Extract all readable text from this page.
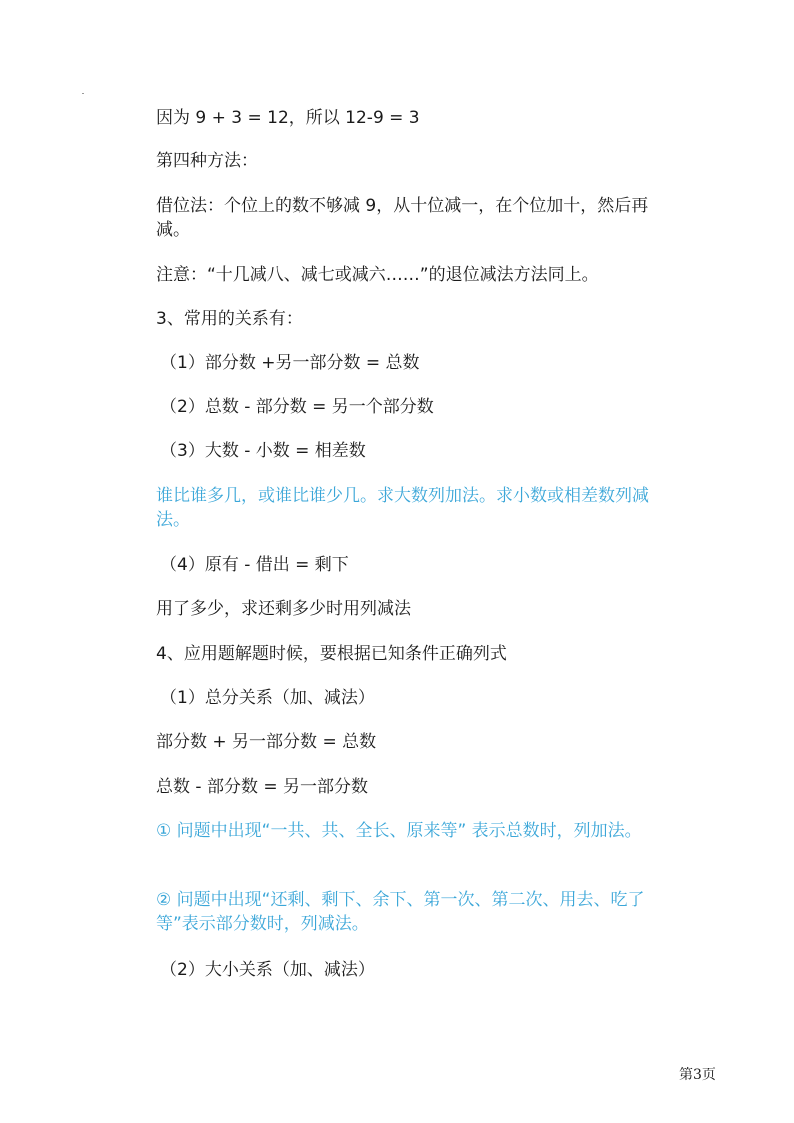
因为 9 + 3 = 12，所以 12-9 = 3
第四种方法：
借位法：个位上的数不够减 9，从十位减一，在个位加十，然后再减。
注意：“十几减八、减七或减六……”的退位减法方法同上。
3、常用的关系有：
（1）部分数 +另一部分数 = 总数
（2）总数 - 部分数 = 另一个部分数
（3）大数 - 小数 = 相差数
谁比谁多几，或谁比谁少几。求大数列加法。求小数或相差数列减法。
（4）原有 - 借出 = 剩下
用了多少，求还剩多少时用列减法
4、应用题解题时候，要根据已知条件正确列式
（1）总分关系（加、减法）
部分数 + 另一部分数 = 总数
总数 - 部分数 = 另一部分数
① 问题中出现“一共、共、全长、原来等” 表示总数时，列加法。
② 问题中出现“还剩、剩下、余下、第一次、第二次、用去、吃了等”表示部分数时，列减法。
（2）大小关系（加、减法）
第3页
